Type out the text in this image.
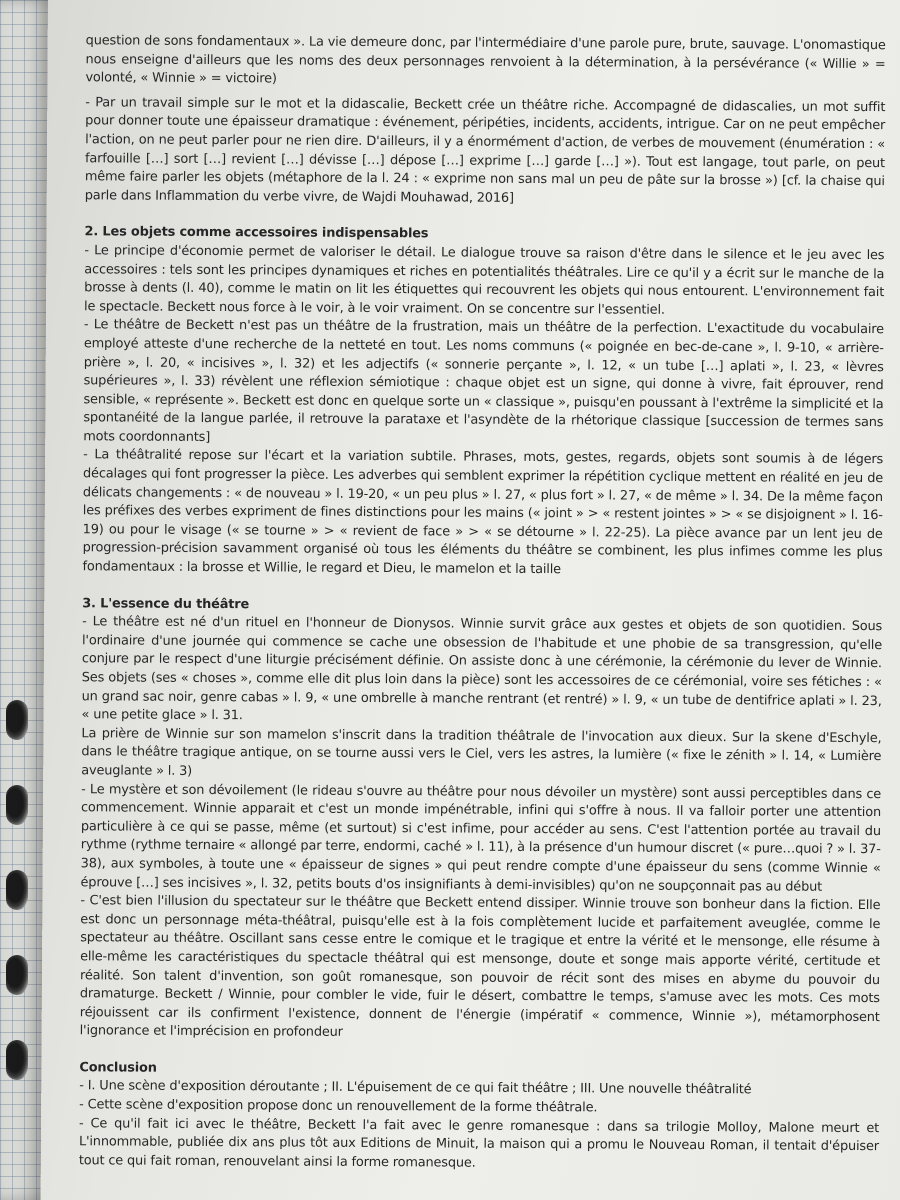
question de sons fondamentaux ». La vie demeure donc, par l'intermédiaire d'une parole pure, brute, sauvage. L'onomastique nous enseigne d'ailleurs que les noms des deux personnages renvoient à la détermination, à la persévérance (« Willie » = volonté, « Winnie » = victoire)

- Par un travail simple sur le mot et la didascalie, Beckett crée un théâtre riche. Accompagné de didascalies, un mot suffit pour donner toute une épaisseur dramatique : événement, péripéties, incidents, accidents, intrigue. Car on ne peut empêcher l'action, on ne peut parler pour ne rien dire. D'ailleurs, il y a énormément d'action, de verbes de mouvement (énumération : « farfouille […] sort […] revient […] dévisse […] dépose […] exprime […] garde […] »). Tout est langage, tout parle, on peut même faire parler les objets (métaphore de la l. 24 : « exprime non sans mal un peu de pâte sur la brosse ») [cf. la chaise qui parle dans Inflammation du verbe vivre, de Wajdi Mouhawad, 2016]

2. Les objets comme accessoires indispensables

- Le principe d'économie permet de valoriser le détail. Le dialogue trouve sa raison d'être dans le silence et le jeu avec les accessoires : tels sont les principes dynamiques et riches en potentialités théâtrales. Lire ce qu'il y a écrit sur le manche de la brosse à dents (l. 40), comme le matin on lit les étiquettes qui recouvrent les objets qui nous entourent. L'environnement fait le spectacle. Beckett nous force à le voir, à le voir vraiment. On se concentre sur l'essentiel.

- Le théâtre de Beckett n'est pas un théâtre de la frustration, mais un théâtre de la perfection. L'exactitude du vocabulaire employé atteste d'une recherche de la netteté en tout. Les noms communs (« poignée en bec-de-cane », l. 9-10, « arrière-prière », l. 20, « incisives », l. 32) et les adjectifs (« sonnerie perçante », l. 12, « un tube […] aplati », l. 23, « lèvres supérieures », l. 33) révèlent une réflexion sémiotique : chaque objet est un signe, qui donne à vivre, fait éprouver, rend sensible, « représente ». Beckett est donc en quelque sorte un « classique », puisqu'en poussant à l'extrême la simplicité et la spontanéité de la langue parlée, il retrouve la parataxe et l'asyndète de la rhétorique classique [succession de termes sans mots coordonnants]

- La théâtralité repose sur l'écart et la variation subtile. Phrases, mots, gestes, regards, objets sont soumis à de légers décalages qui font progresser la pièce. Les adverbes qui semblent exprimer la répétition cyclique mettent en réalité en jeu de délicats changements : « de nouveau » l. 19-20, « un peu plus » l. 27, « plus fort » l. 27, « de même » l. 34. De la même façon les préfixes des verbes expriment de fines distinctions pour les mains (« joint » > « restent jointes » > « se disjoignent » l. 16-19) ou pour le visage (« se tourne » > « revient de face » > « se détourne » l. 22-25). La pièce avance par un lent jeu de progression-précision savamment organisé où tous les éléments du théâtre se combinent, les plus infimes comme les plus fondamentaux : la brosse et Willie, le regard et Dieu, le mamelon et la taille

3. L'essence du théâtre

- Le théâtre est né d'un rituel en l'honneur de Dionysos. Winnie survit grâce aux gestes et objets de son quotidien. Sous l'ordinaire d'une journée qui commence se cache une obsession de l'habitude et une phobie de sa transgression, qu'elle conjure par le respect d'une liturgie précisément définie. On assiste donc à une cérémonie, la cérémonie du lever de Winnie. Ses objets (ses « choses », comme elle dit plus loin dans la pièce) sont les accessoires de ce cérémonial, voire ses fétiches : « un grand sac noir, genre cabas » l. 9, « une ombrelle à manche rentrant (et rentré) » l. 9, « un tube de dentifrice aplati » l. 23, « une petite glace » l. 31.

La prière de Winnie sur son mamelon s'inscrit dans la tradition théâtrale de l'invocation aux dieux. Sur la skene d'Eschyle, dans le théâtre tragique antique, on se tourne aussi vers le Ciel, vers les astres, la lumière (« fixe le zénith » l. 14, « Lumière aveuglante » l. 3)

- Le mystère et son dévoilement (le rideau s'ouvre au théâtre pour nous dévoiler un mystère) sont aussi perceptibles dans ce commencement. Winnie apparait et c'est un monde impénétrable, infini qui s'offre à nous. Il va falloir porter une attention particulière à ce qui se passe, même (et surtout) si c'est infime, pour accéder au sens. C'est l'attention portée au travail du rythme (rythme ternaire « allongé par terre, endormi, caché » l. 11), à la présence d'un humour discret (« pure…quoi ? » l. 37-38), aux symboles, à toute une « épaisseur de signes » qui peut rendre compte d'une épaisseur du sens (comme Winnie « éprouve […] ses incisives », l. 32, petits bouts d'os insignifiants à demi-invisibles) qu'on ne soupçonnait pas au début

- C'est bien l'illusion du spectateur sur le théâtre que Beckett entend dissiper. Winnie trouve son bonheur dans la fiction. Elle est donc un personnage méta-théâtral, puisqu'elle est à la fois complètement lucide et parfaitement aveuglée, comme le spectateur au théâtre. Oscillant sans cesse entre le comique et le tragique et entre la vérité et le mensonge, elle résume à elle-même les caractéristiques du spectacle théâtral qui est mensonge, doute et songe mais apporte vérité, certitude et réalité. Son talent d'invention, son goût romanesque, son pouvoir de récit sont des mises en abyme du pouvoir du dramaturge. Beckett / Winnie, pour combler le vide, fuir le désert, combattre le temps, s'amuse avec les mots. Ces mots réjouissent car ils confirment l'existence, donnent de l'énergie (impératif « commence, Winnie »), métamorphosent l'ignorance et l'imprécision en profondeur

Conclusion

- I. Une scène d'exposition déroutante ; II. L'épuisement de ce qui fait théâtre ; III. Une nouvelle théâtralité

- Cette scène d'exposition propose donc un renouvellement de la forme théâtrale.

- Ce qu'il fait ici avec le théâtre, Beckett l'a fait avec le genre romanesque : dans sa trilogie Molloy, Malone meurt et L'innommable, publiée dix ans plus tôt aux Editions de Minuit, la maison qui a promu le Nouveau Roman, il tentait d'épuiser tout ce qui fait roman, renouvelant ainsi la forme romanesque.
